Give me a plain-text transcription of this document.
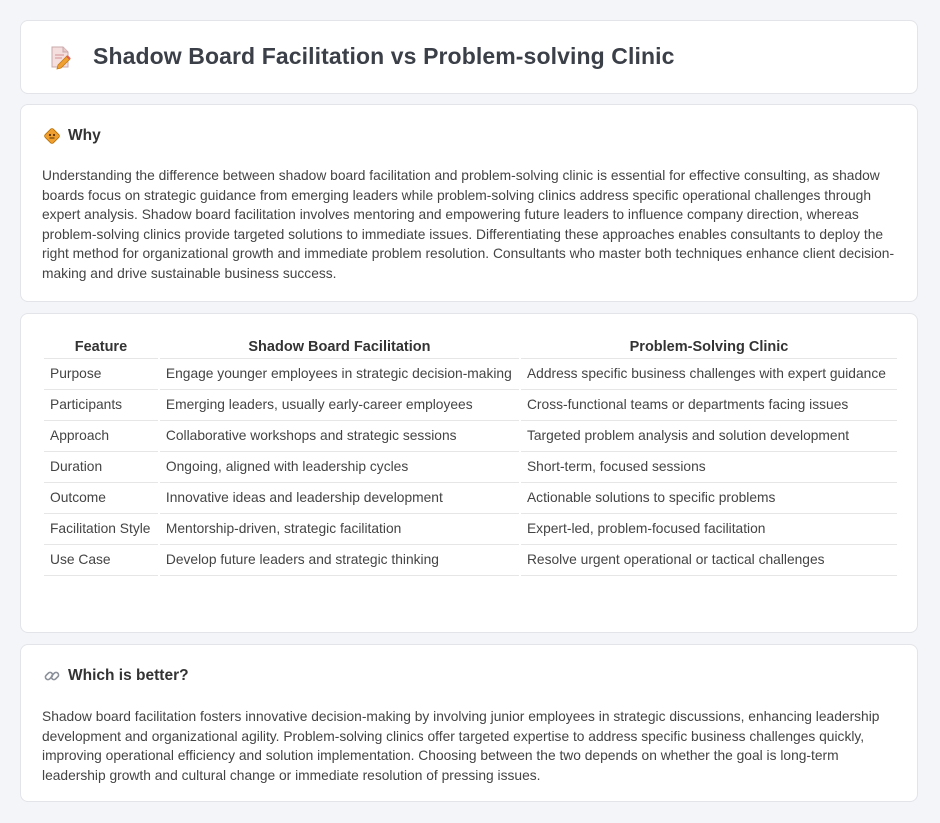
Shadow Board Facilitation vs Problem-solving Clinic
Why

Understanding the difference between shadow board facilitation and problem-solving clinic is essential for effective consulting, as shadow boards focus on strategic guidance from emerging leaders while problem-solving clinics address specific operational challenges through expert analysis. Shadow board facilitation involves mentoring and empowering future leaders to influence company direction, whereas problem-solving clinics provide targeted solutions to immediate issues. Differentiating these approaches enables consultants to deploy the right method for organizational growth and immediate problem resolution. Consultants who master both techniques enhance client decision-making and drive sustainable business success.

Feature	Shadow Board Facilitation	Problem-Solving Clinic
Purpose	Engage younger employees in strategic decision-making	Address specific business challenges with expert guidance
Participants	Emerging leaders, usually early-career employees	Cross-functional teams or departments facing issues
Approach	Collaborative workshops and strategic sessions	Targeted problem analysis and solution development
Duration	Ongoing, aligned with leadership cycles	Short-term, focused sessions
Outcome	Innovative ideas and leadership development	Actionable solutions to specific problems
Facilitation Style	Mentorship-driven, strategic facilitation	Expert-led, problem-focused facilitation
Use Case	Develop future leaders and strategic thinking	Resolve urgent operational or tactical challenges
Which is better?

Shadow board facilitation fosters innovative decision-making by involving junior employees in strategic discussions, enhancing leadership development and organizational agility. Problem-solving clinics offer targeted expertise to address specific business challenges quickly, improving operational efficiency and solution implementation. Choosing between the two depends on whether the goal is long-term leadership growth and cultural change or immediate resolution of pressing issues.
